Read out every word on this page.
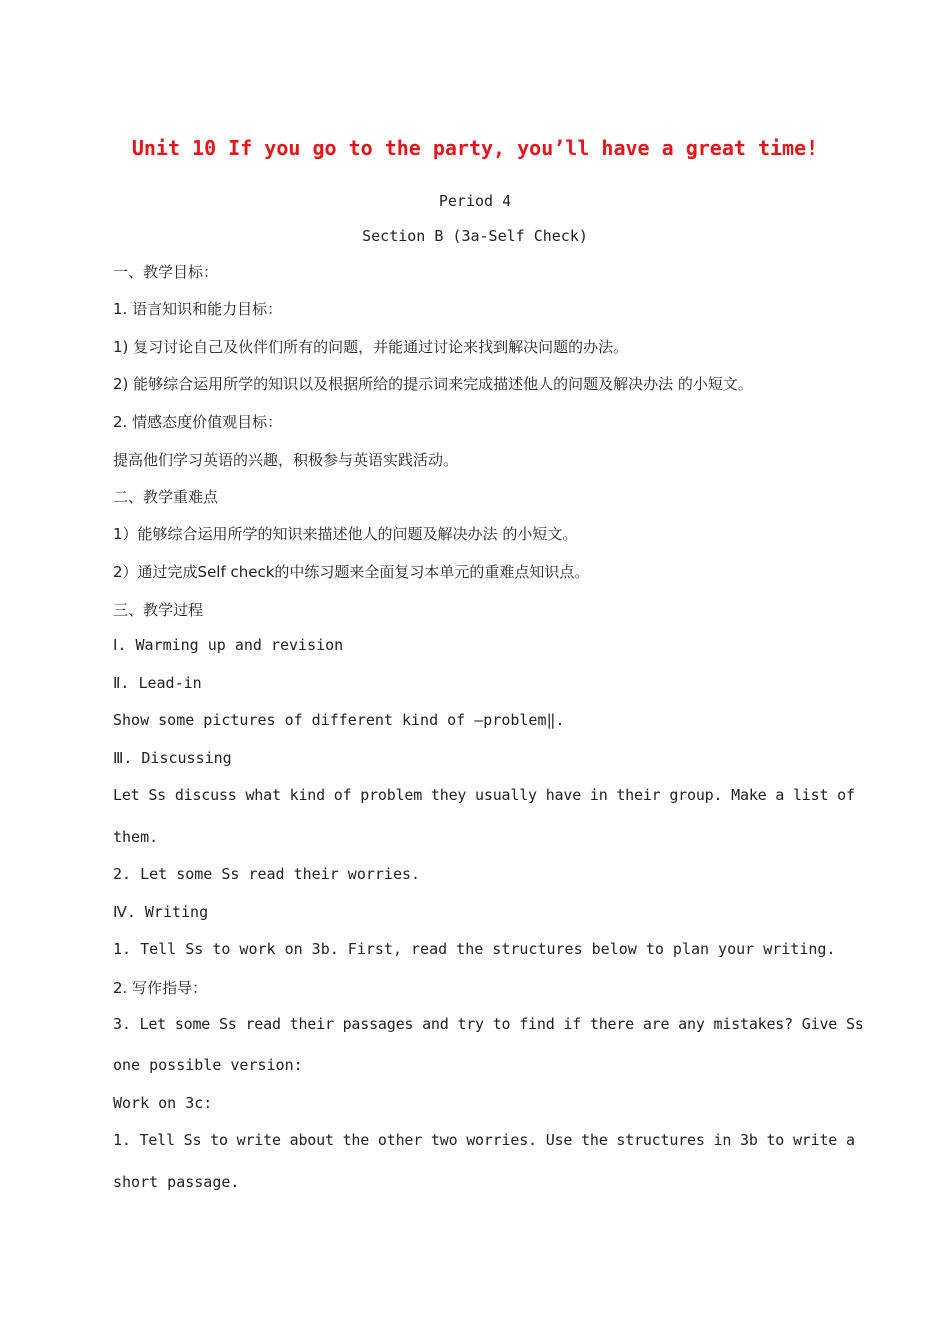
Unit 10 If you go to the party, you’ll have a great time!
Period 4
Section B (3a-Self Check)
一、教学目标：
1. 语言知识和能力目标：
1) 复习讨论自己及伙伴们所有的问题，并能通过讨论来找到解决问题的办法。
2) 能够综合运用所学的知识以及根据所给的提示词来完成描述他人的问题及解决办法 的小短文。
2. 情感态度价值观目标：
提高他们学习英语的兴趣，积极参与英语实践活动。
二、教学重难点
1）能够综合运用所学的知识来描述他人的问题及解决办法 的小短文。
2）通过完成Self check的中练习题来全面复习本单元的重难点知识点。
三、教学过程
Ⅰ. Warming up and revision
Ⅱ. Lead-in
Show some pictures of different kind of ―problem‖.
Ⅲ. Discussing
Let Ss discuss what kind of problem they usually have in their group. Make a list of
them.
2. Let some Ss read their worries.
Ⅳ. Writing
1. Tell Ss to work on 3b. First, read the structures below to plan your writing.
2. 写作指导：
3. Let some Ss read their passages and try to find if there are any mistakes? Give Ss
one possible version:
Work on 3c:
1. Tell Ss to write about the other two worries. Use the structures in 3b to write a
short passage.
